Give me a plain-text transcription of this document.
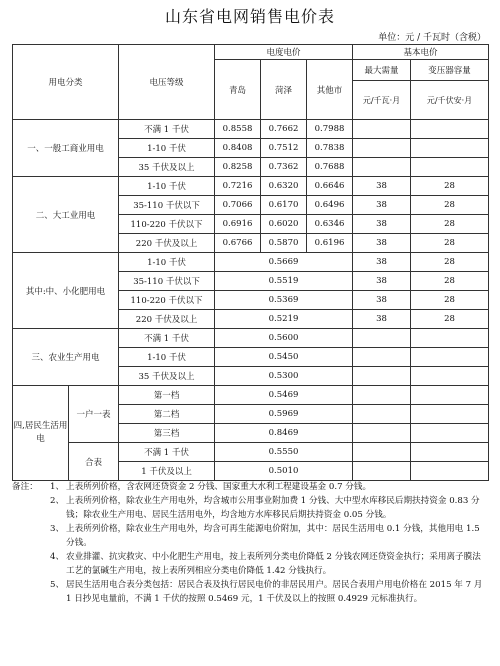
山东省电网销售电价表
单位：元 / 千瓦时（含税）
用电分类		电压等级	电度电价			基本电价	
			青岛	菏泽	其他市	最大需量	变压器容量
						元/千瓦·月	元/千伏安·月
一、一般工商业用电		不满 1 千伏	0.8558	0.7662	0.7988		
		1-10 千伏	0.8408	0.7512	0.7838		
		35 千伏及以上	0.8258	0.7362	0.7688		
二、大工业用电		1-10 千伏	0.7216	0.6320	0.6646	38	28
		35-110 千伏以下	0.7066	0.6170	0.6496	38	28
		110-220 千伏以下	0.6916	0.6020	0.6346	38	28
		220 千伏及以上	0.6766	0.5870	0.6196	38	28
其中:中、小化肥用电		1-10 千伏	0.5669			38	28
		35-110 千伏以下	0.5519			38	28
		110-220 千伏以下	0.5369			38	28
		220 千伏及以上	0.5219			38	28
三、农业生产用电		不满 1 千伏	0.5600				
		1-10 千伏	0.5450				
		35 千伏及以上	0.5300				
四,居民生活用电	一户一表	第一档	0.5469				
		第二档	0.5969				
		第三档	0.8469				
	合表	不满 1 千伏	0.5550				
		1 千伏及以上	0.5010				
备注：	1、 上表所列价格，含农网还贷资金 2 分钱、国家重大水利工程建设基金 0.7 分钱。
2、 上表所列价格，除农业生产用电外，均含城市公用事业附加费 1 分钱、大中型水库移民后期扶持资金 0.83 分钱；除农业生产用电、居民生活用电外，均含地方水库移民后期扶持资金 0.05 分钱。
3、 上表所列价格，除农业生产用电外，均含可再生能源电价附加，其中：居民生活用电 0.1 分钱，其他用电 1.5 分钱。
4、 农业排灌、抗灾救灾、中小化肥生产用电，按上表所列分类电价降低 2 分钱农网还贷资金执行；采用离子膜法工艺的氯碱生产用电，按上表所列相应分类电价降低 1.42 分钱执行。
5、 居民生活用电合表分类包括：居民合表及执行居民电价的非居民用户。居民合表用户用电价格在 2015 年 7 月 1 日抄见电量前，不满 1 千伏的按照 0.5469 元，1 千伏及以上的按照 0.4929 元标准执行。
